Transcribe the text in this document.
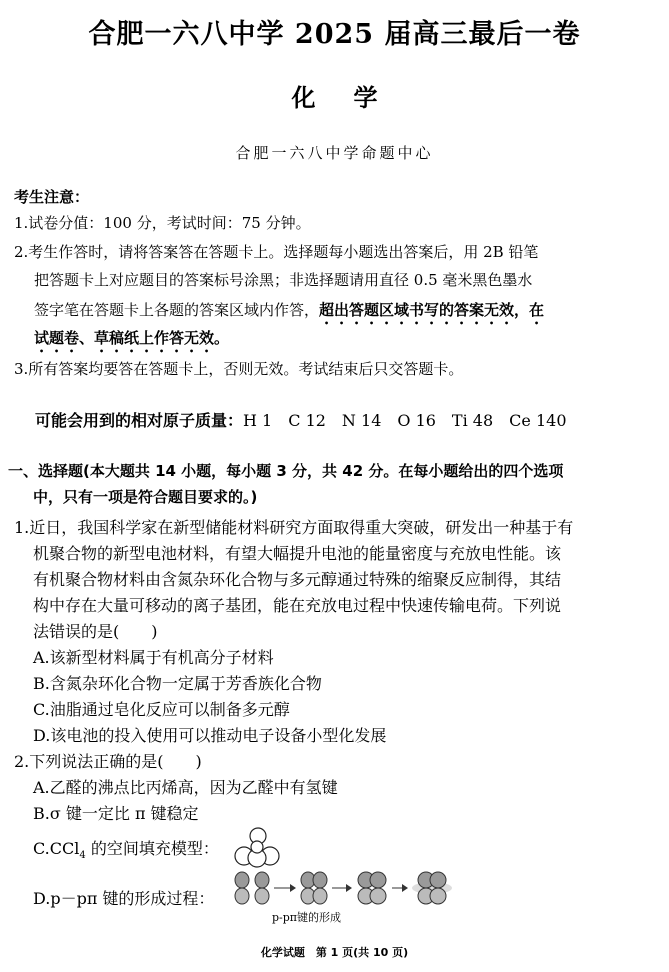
合肥一六八中学 2025 届高三最后一卷
化学
合肥一六八中学命题中心
考生注意：
1.试卷分值：100 分，考试时间：75 分钟。
2.考生作答时，请将答案答在答题卡上。选择题每小题选出答案后，用 2B 铅笔
把答题卡上对应题目的答案标号涂黑；非选择题请用直径 0.5 毫米黑色墨水
签字笔在答题卡上各题的答案区域内作答，超出答题区域书写的答案无效，在
试题卷、草稿纸上作答无效。
3.所有答案均要答在答题卡上，否则无效。考试结束后只交答题卡。
可能会用到的相对原子质量：H 1　C 12　N 14　O 16　Ti 48　Ce 140
一、选择题(本大题共 14 小题，每小题 3 分，共 42 分。在每小题给出的四个选项
中，只有一项是符合题目要求的。)
1.近日，我国科学家在新型储能材料研究方面取得重大突破，研发出一种基于有
机聚合物的新型电池材料，有望大幅提升电池的能量密度与充放电性能。该
有机聚合物材料由含氮杂环化合物与多元醇通过特殊的缩聚反应制得，其结
构中存在大量可移动的离子基团，能在充放电过程中快速传输电荷。下列说
法错误的是(　　)
A.该新型材料属于有机高分子材料
B.含氮杂环化合物一定属于芳香族化合物
C.油脂通过皂化反应可以制备多元醇
D.该电池的投入使用可以推动电子设备小型化发展
2.下列说法正确的是(　　)
A.乙醛的沸点比丙烯高，因为乙醛中有氢键
B.σ 键一定比 π 键稳定
C.CCl$_4$ 的空间填充模型：
D.p－pπ 键的形成过程：
p-pπ键的形成
化学试题　第 1 页(共 10 页)
